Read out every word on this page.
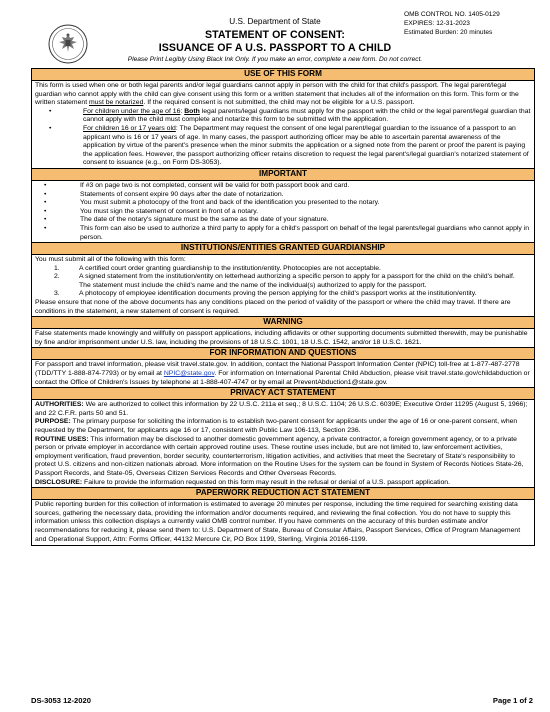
U.S. Department of State
OMB CONTROL NO. 1405-0129
EXPIRES: 12-31-2023
Estimated Burden: 20 minutes
STATEMENT OF CONSENT:
ISSUANCE OF A U.S. PASSPORT TO A CHILD
Please Print Legibly Using Black Ink Only. If you make an error, complete a new form. Do not correct.
USE OF THIS FORM

This form is used when one or both legal parents and/or legal guardians cannot apply in person with the child for that child's passport. The legal parent/legal guardian who cannot apply with the child can give consent using this form or a written statement that includes all of the information on this form. This form or the written statement must be notarized. If the required consent is not submitted, the child may not be eligible for a U.S. passport.

• For children under the age of 16: Both legal parents/legal guardians must apply for the passport with the child or the legal parent/legal guardian that cannot apply with the child must complete and notarize this form to be submitted with the application.
• For children 16 or 17 years old: The Department may request the consent of one legal parent/legal guardian to the issuance of a passport to an applicant who is 16 or 17 years of age. In many cases, the passport authorizing officer may be able to ascertain parental awareness of the application by virtue of the parent's presence when the minor submits the application or a signed note from the parent or proof the parent is paying the application fees. However, the passport authorizing officer retains discretion to request the legal parent's/legal guardian's notarized statement of consent to issuance (e.g., on Form DS-3053).
IMPORTANT
• If #3 on page two is not completed, consent will be valid for both passport book and card.
• Statements of consent expire 90 days after the date of notarization.
• You must submit a photocopy of the front and back of the identification you presented to the notary.
• You must sign the statement of consent in front of a notary.
• The date of the notary's signature must be the same as the date of your signature.
• This form can also be used to authorize a third party to apply for a child's passport on behalf of the legal parents/legal guardians who cannot apply in person.
INSTITUTIONS/ENTITIES GRANTED GUARDIANSHIP

You must submit all of the following with this form:

1.	A certified court order granting guardianship to the institution/entity. Photocopies are not acceptable.
2.	A signed statement from the institution/entity on letterhead authorizing a specific person to apply for a passport for the child on the child's behalf.
The statement must include the child's name and the name of the individual(s) authorized to apply for the passport.
3.	A photocopy of employee identification documents proving the person applying for the child's passport works at the institution/entity.

Please ensure that none of the above documents has any conditions placed on the period of validity of the passport or where the child may travel. If there are conditions in the statement, a new statement of consent is required.

WARNING

False statements made knowingly and willfully on passport applications, including affidavits or other supporting documents submitted therewith, may be punishable by fine and/or imprisonment under U.S. law, including the provisions of 18 U.S.C. 1001, 18 U.S.C. 1542, and/or 18 U.S.C. 1621.

FOR INFORMATION AND QUESTIONS

For passport and travel information, please visit travel.state.gov. In addition, contact the National Passport Information Center (NPIC) toll-free at 1-877-487-2778 (TDD/TTY 1-888-874-7793) or by email at NPIC@state.gov. For information on International Parental Child Abduction, please visit travel.state.gov/childabduction or contact the Office of Children's Issues by telephone at 1-888-407-4747 or by email at PreventAbduction1@state.gov.

PRIVACY ACT STATEMENT

AUTHORITIES: We are authorized to collect this information by 22 U.S.C. 211a et seq.; 8 U.S.C. 1104; 26 U.S.C. 6039E; Executive Order 11295 (August 5, 1966); and 22 C.F.R. parts 50 and 51.

PURPOSE: The primary purpose for soliciting the information is to establish two-parent consent for applicants under the age of 16 or one-parent consent, when requested by the Department, for applicants age 16 or 17, consistent with Public Law 106-113, Section 236.

ROUTINE USES: This information may be disclosed to another domestic government agency, a private contractor, a foreign government agency, or to a private person or private employer in accordance with certain approved routine uses. These routine uses include, but are not limited to, law enforcement activities, employment verification, fraud prevention, border security, counterterrorism, litigation activities, and activities that meet the Secretary of State's responsibility to protect U.S. citizens and non-citizen nationals abroad. More information on the Routine Uses for the system can be found in System of Records Notices State-26, Passport Records, and State-05, Overseas Citizen Services Records and Other Overseas Records.

DISCLOSURE: Failure to provide the information requested on this form may result in the refusal or denial of a U.S. passport application.

PAPERWORK REDUCTION ACT STATEMENT

Public reporting burden for this collection of information is estimated to average 20 minutes per response, including the time required for searching existing data sources, gathering the necessary data, providing the information and/or documents required, and reviewing the final collection. You do not have to supply this information unless this collection displays a currently valid OMB control number. If you have comments on the accuracy of this burden estimate and/or recommendations for reducing it, please send them to: U.S. Department of State, Bureau of Consular Affairs, Passport Services, Office of Program Management and Operational Support, Attn: Forms Officer, 44132 Mercure Cir, PO Box 1199, Sterling, Virginia 20166-1199.

DS-3053 12-2020	Page 1 of 2
